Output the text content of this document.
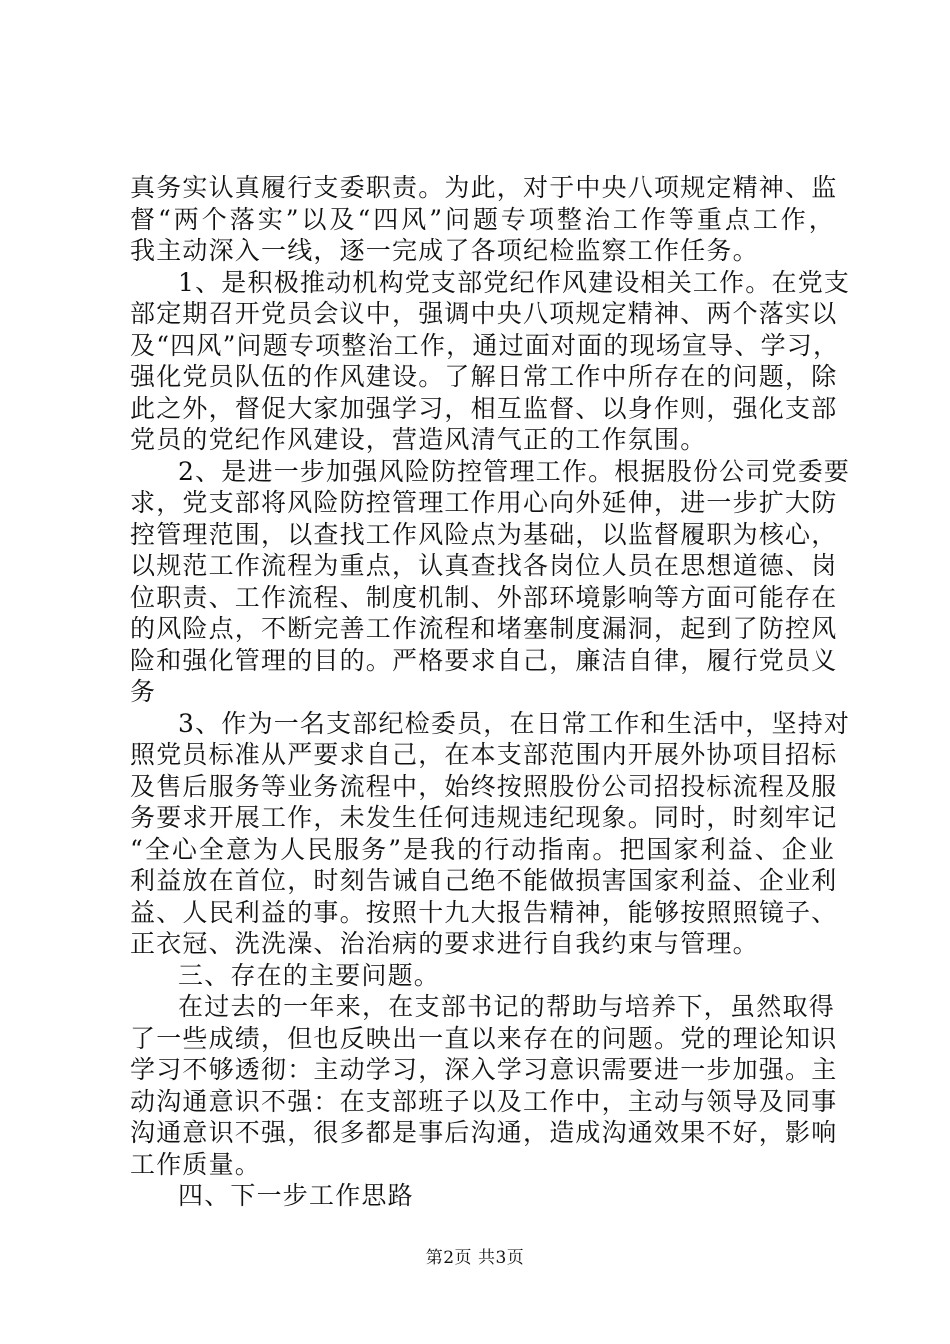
真务实认真履行支委职责。为此，对于中央八项规定精神、监
督“两个落实”以及“四风”问题专项整治工作等重点工作，
我主动深入一线，逐一完成了各项纪检监察工作任务。
1、是积极推动机构党支部党纪作风建设相关工作。在党支
部定期召开党员会议中，强调中央八项规定精神、两个落实以
及“四风”问题专项整治工作，通过面对面的现场宣导、学习，
强化党员队伍的作风建设。了解日常工作中所存在的问题，除
此之外，督促大家加强学习，相互监督、以身作则，强化支部
党员的党纪作风建设，营造风清气正的工作氛围。
2、是进一步加强风险防控管理工作。根据股份公司党委要
求，党支部将风险防控管理工作用心向外延伸，进一步扩大防
控管理范围，以查找工作风险点为基础，以监督履职为核心，
以规范工作流程为重点，认真查找各岗位人员在思想道德、岗
位职责、工作流程、制度机制、外部环境影响等方面可能存在
的风险点，不断完善工作流程和堵塞制度漏洞，起到了防控风
险和强化管理的目的。严格要求自己，廉洁自律，履行党员义
务
3、作为一名支部纪检委员，在日常工作和生活中，坚持对
照党员标准从严要求自己，在本支部范围内开展外协项目招标
及售后服务等业务流程中，始终按照股份公司招投标流程及服
务要求开展工作，未发生任何违规违纪现象。同时，时刻牢记
“全心全意为人民服务”是我的行动指南。把国家利益、企业
利益放在首位，时刻告诫自己绝不能做损害国家利益、企业利
益、人民利益的事。按照十九大报告精神，能够按照照镜子、
正衣冠、洗洗澡、治治病的要求进行自我约束与管理。
三、存在的主要问题。
在过去的一年来，在支部书记的帮助与培养下，虽然取得
了一些成绩，但也反映出一直以来存在的问题。党的理论知识
学习不够透彻：主动学习，深入学习意识需要进一步加强。主
动沟通意识不强：在支部班子以及工作中，主动与领导及同事
沟通意识不强，很多都是事后沟通，造成沟通效果不好，影响
工作质量。
四、下一步工作思路
第2页 共3页
